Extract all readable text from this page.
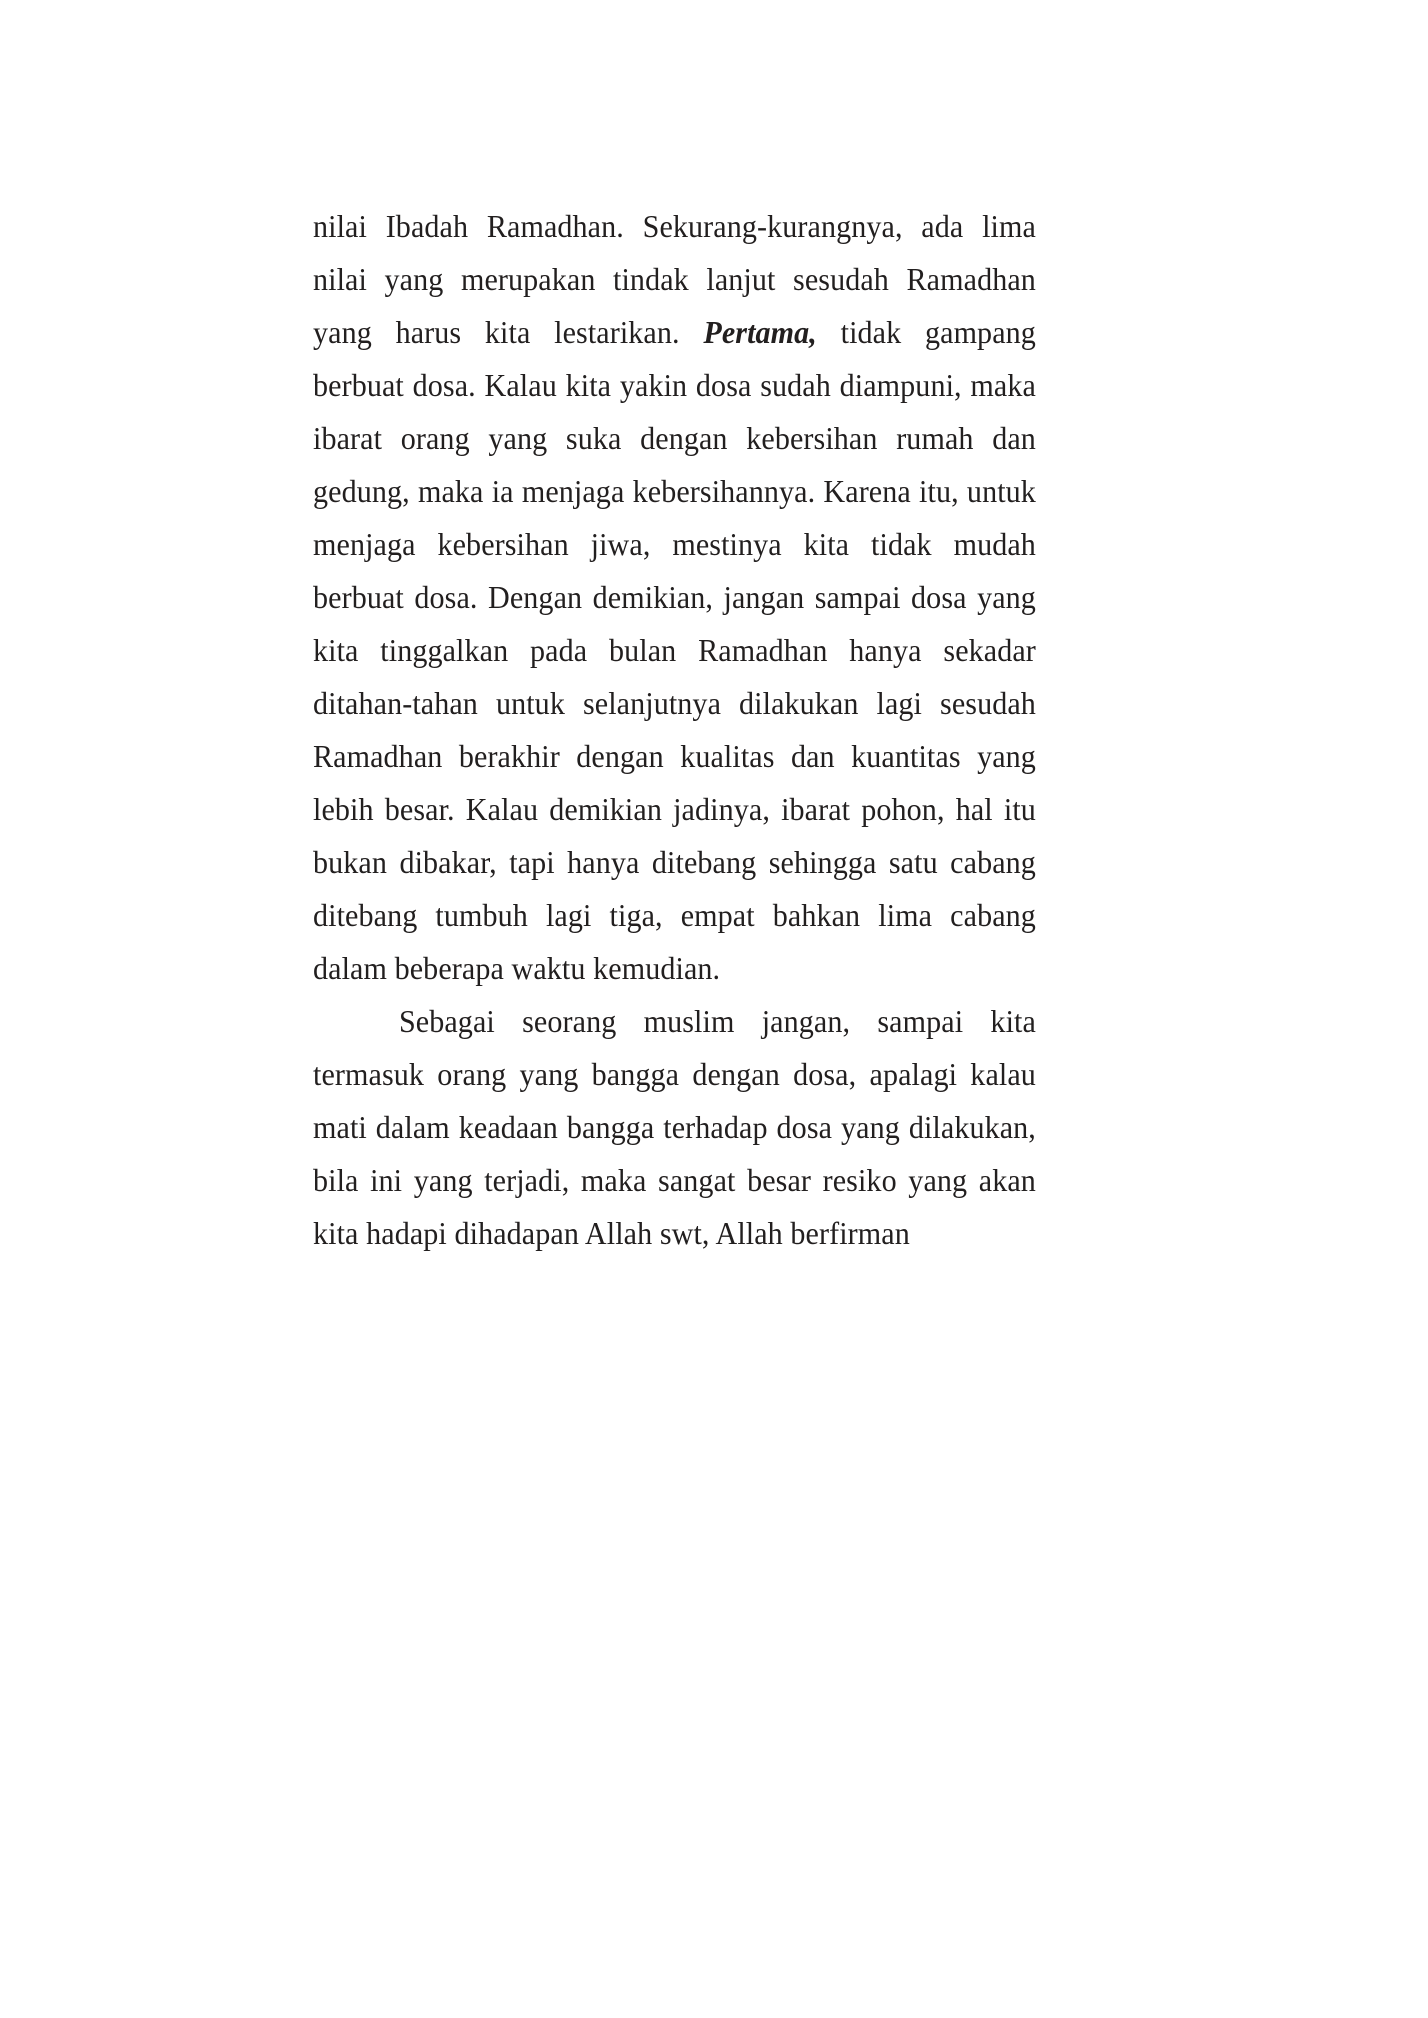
nilai Ibadah Ramadhan. Sekurang-kurangnya, ada lima nilai yang merupakan tindak lanjut sesudah Ramadhan yang harus kita lestarikan. Pertama, tidak gampang berbuat dosa. Kalau kita yakin dosa sudah diampuni, maka ibarat orang yang suka dengan kebersihan rumah dan gedung, maka ia menjaga kebersihannya. Karena itu, untuk menjaga kebersihan jiwa, mestinya kita tidak mudah berbuat dosa. Dengan demikian, jangan sampai dosa yang kita tinggalkan pada bulan Ramadhan hanya sekadar ditahan-tahan untuk selanjutnya dilakukan lagi sesudah Ramadhan berakhir dengan kualitas dan kuantitas yang lebih besar. Kalau demikian jadinya, ibarat pohon, hal itu bukan dibakar, tapi hanya ditebang sehingga satu cabang ditebang tumbuh lagi tiga, empat bahkan lima cabang dalam beberapa waktu kemudian.

Sebagai seorang muslim jangan, sampai kita termasuk orang yang bangga dengan dosa, apalagi kalau mati dalam keadaan bangga terhadap dosa yang dilakukan, bila ini yang terjadi, maka sangat besar resiko yang akan kita hadapi dihadapan Allah swt, Allah berfirman
